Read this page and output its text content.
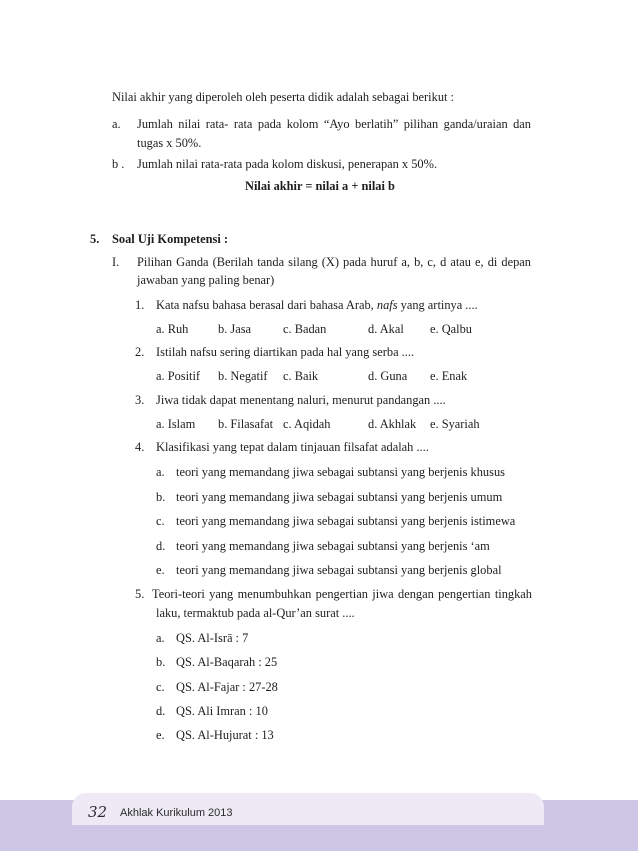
Nilai akhir yang diperoleh oleh peserta didik adalah sebagai berikut :
a. Jumlah nilai rata- rata pada kolom “Ayo berlatih” pilihan ganda/uraian dan
tugas x 50%.
b . Jumlah nilai rata-rata pada kolom diskusi, penerapan x 50%.
Nilai akhir = nilai a + nilai b
5. Soal Uji Kompetensi :
I. Pilihan Ganda (Berilah tanda silang (X) pada huruf a, b, c, d atau e, di depan
jawaban yang paling benar)
1. Kata nafsu bahasa berasal dari bahasa Arab, nafs yang artinya ....
a. Ruh b. Jasa	c. Badan	d. Akal e. Qalbu
2. Istilah nafsu sering diartikan pada hal yang serba ....
a. Positif b. Negatif c. Baik	d. Guna e. Enak
3. Jiwa tidak dapat menentang naluri, menurut pandangan ....
a. Islam b. Filasafat c. Aqidah	d. Akhlak e. Syariah
4. Klasifikasi yang tepat dalam tinjauan filsafat adalah ....
a. teori yang memandang jiwa sebagai subtansi yang berjenis khusus
b. teori yang memandang jiwa sebagai subtansi yang berjenis umum
c. teori yang memandang jiwa sebagai subtansi yang berjenis istimewa
d. teori yang memandang jiwa sebagai subtansi yang berjenis ‘am
e. teori yang memandang jiwa sebagai subtansi yang berjenis global
5. Teori-teori yang menumbuhkan pengertian jiwa dengan pengertian tingkah
laku, termaktub pada al-Qur’an surat ....
a. QS. Al-Isrā : 7
b. QS. Al-Baqarah : 25
c. QS. Al-Fajar : 27-28
d. QS. Ali Imran : 10
e. QS. Al-Hujurat : 13
32 Akhlak Kurikulum 2013
